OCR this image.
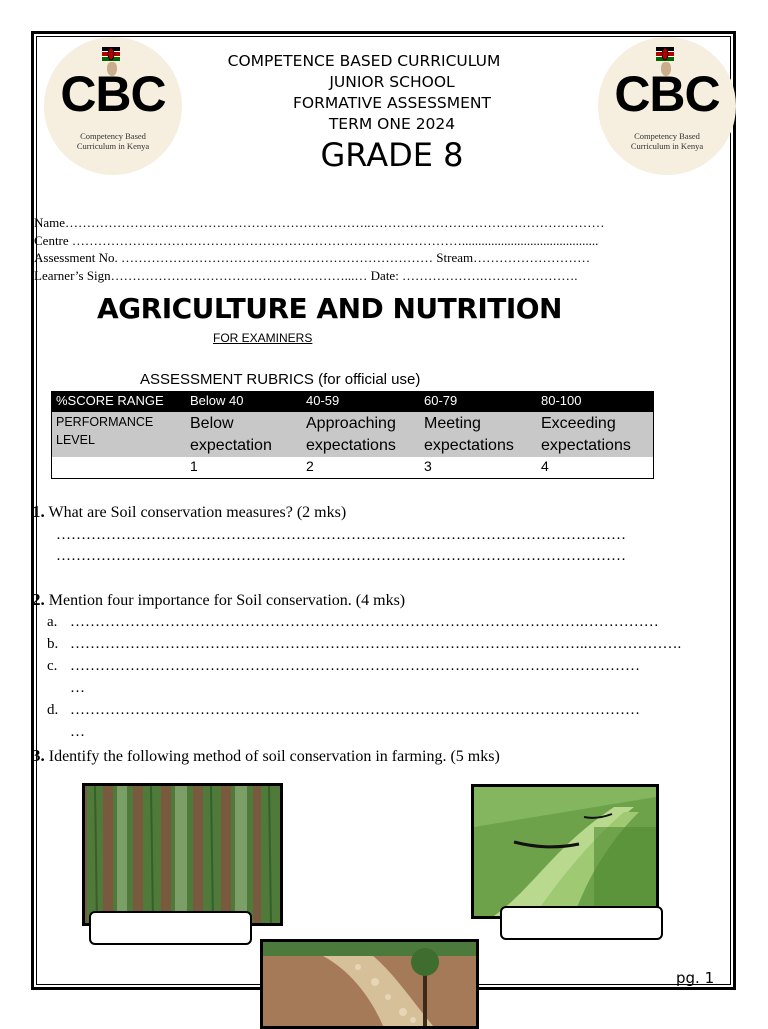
CBC
Competency Based
Curriculum in Kenya
CBC
Competency Based
Curriculum in Kenya
COMPETENCE BASED CURRICULUM
JUNIOR SCHOOL
FORMATIVE ASSESSMENT
TERM ONE 2024
GRADE 8
Name……………………………………………………………..………………………………………………
Centre ………………………………………………………………………………..........................................
Assessment No. ……………………………………………………………… Stream………………………
Learner’s Sign………………………………………………...… Date: ……………….………………….
AGRICULTURE AND NUTRITION
FOR EXAMINERS
ASSESSMENT RUBRICS (for official use)
%SCORE RANGE	Below 40	40-59	60-79	80-100
PERFORMANCE LEVEL	Below expectation	Approaching expectations	Meeting expectations	Exceeding expectations
	1	2	3	4
1. What are Soil conservation measures? (2 mks)
……………………………………………………………………………………………………
……………………………………………………………………………………………………
2. Mention four importance for Soil conservation. (4 mks)
a. ………………………………………………………………………………………….……………
b. …………………………………………………………………………………………..……………….
c. ……………………………………………………………………………………………………
…
d. ……………………………………………………………………………………………………
…
3. Identify the following method of soil conservation in farming. (5 mks)
pg. 1
